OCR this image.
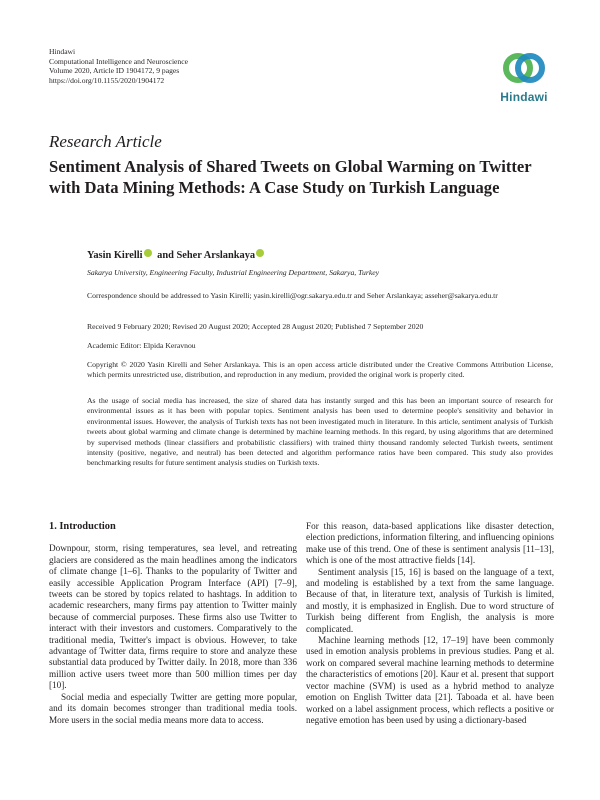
Hindawi
Computational Intelligence and Neuroscience
Volume 2020, Article ID 1904172, 9 pages
https://doi.org/10.1155/2020/1904172
Hindawi
Research Article
Sentiment Analysis of Shared Tweets on Global Warming on Twitter with Data Mining Methods: A Case Study on Turkish Language
Yasin Kirelli and Seher Arslankaya
Sakarya University, Engineering Faculty, Industrial Engineering Department, Sakarya, Turkey
Correspondence should be addressed to Yasin Kirelli; yasin.kirelli@ogr.sakarya.edu.tr and Seher Arslankaya; asseher@sakarya.edu.tr
Received 9 February 2020; Revised 20 August 2020; Accepted 28 August 2020; Published 7 September 2020
Academic Editor: Elpida Keravnou
Copyright © 2020 Yasin Kirelli and Seher Arslankaya. This is an open access article distributed under the Creative Commons Attribution License, which permits unrestricted use, distribution, and reproduction in any medium, provided the original work is properly cited.
As the usage of social media has increased, the size of shared data has instantly surged and this has been an important source of research for environmental issues as it has been with popular topics. Sentiment analysis has been used to determine people's sensitivity and behavior in environmental issues. However, the analysis of Turkish texts has not been investigated much in literature. In this article, sentiment analysis of Turkish tweets about global warming and climate change is determined by machine learning methods. In this regard, by using algorithms that are determined by supervised methods (linear classifiers and probabilistic classifiers) with trained thirty thousand randomly selected Turkish tweets, sentiment intensity (positive, negative, and neutral) has been detected and algorithm performance ratios have been compared. This study also provides benchmarking results for future sentiment analysis studies on Turkish texts.
1. Introduction

Downpour, storm, rising temperatures, sea level, and retreating glaciers are considered as the main headlines among the indicators of climate change [1–6]. Thanks to the popularity of Twitter and easily accessible Application Program Interface (API) [7–9], tweets can be stored by topics related to hashtags. In addition to academic researchers, many firms pay attention to Twitter mainly because of commercial purposes. These firms also use Twitter to interact with their investors and customers. Comparatively to the traditional media, Twitter's impact is obvious. However, to take advantage of Twitter data, firms require to store and analyze these substantial data produced by Twitter daily. In 2018, more than 336 million active users tweet more than 500 million times per day [10].

Social media and especially Twitter are getting more popular, and its domain becomes stronger than traditional media tools. More users in the social media means more data to access.

For this reason, data-based applications like disaster detection, election predictions, information filtering, and influencing opinions make use of this trend. One of these is sentiment analysis [11–13], which is one of the most attractive fields [14].

Sentiment analysis [15, 16] is based on the language of a text, and modeling is established by a text from the same language. Because of that, in literature text, analysis of Turkish is limited, and mostly, it is emphasized in English. Due to word structure of Turkish being different from English, the analysis is more complicated.

Machine learning methods [12, 17–19] have been commonly used in emotion analysis problems in previous studies. Pang et al. work on compared several machine learning methods to determine the characteristics of emotions [20]. Kaur et al. present that support vector machine (SVM) is used as a hybrid method to analyze emotion on English Twitter data [21]. Taboada et al. have been worked on a label assignment process, which reflects a positive or negative emotion has been used by using a dictionary-based
